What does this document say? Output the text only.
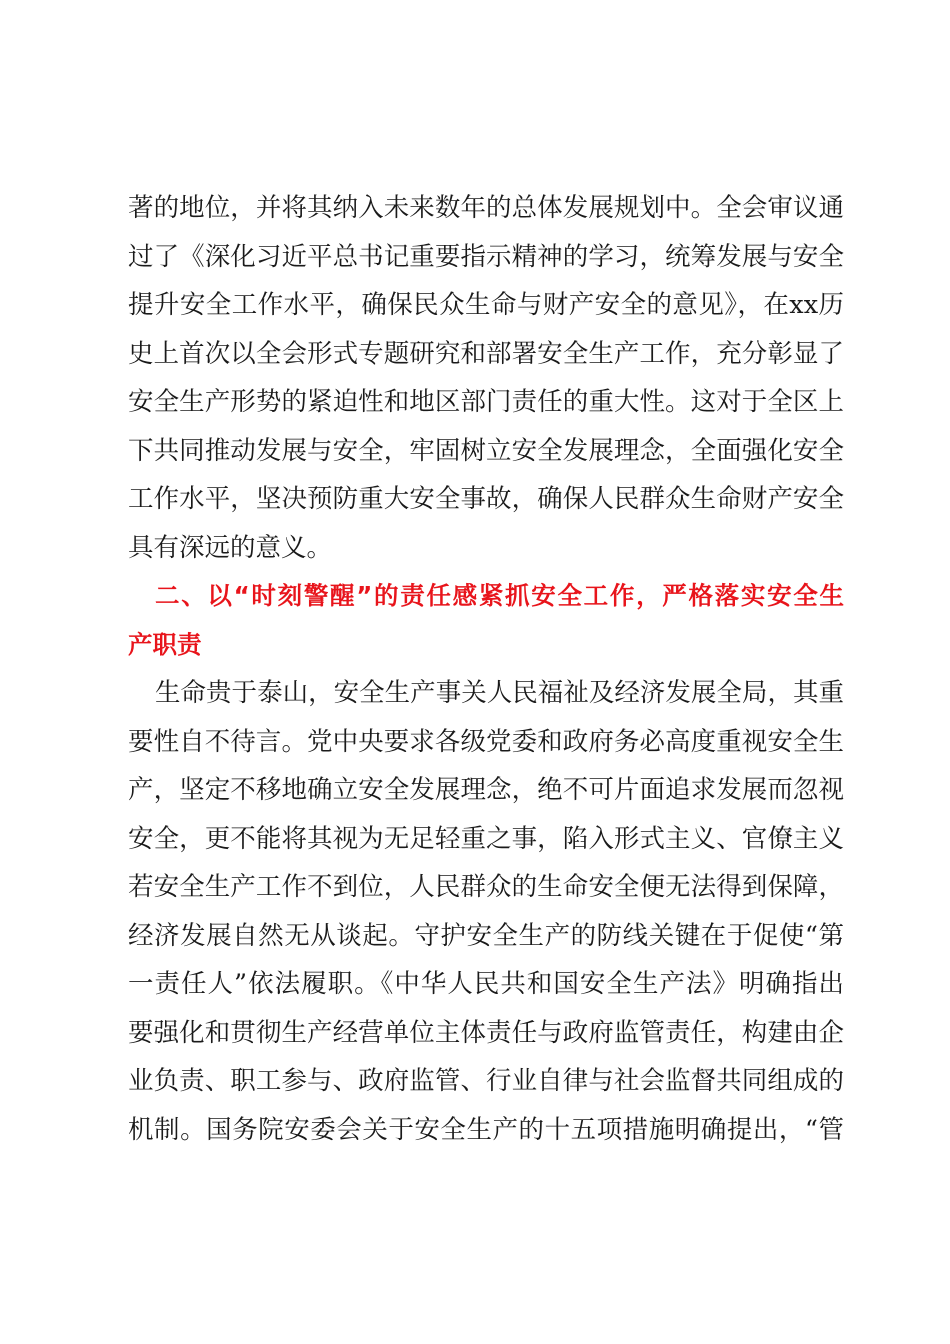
著的地位，并将其纳入未来数年的总体发展规划中。全会审议通
过了《深化习近平总书记重要指示精神的学习，统筹发展与安全
提升安全工作水平，确保民众生命与财产安全的意见》，在xx历
史上首次以全会形式专题研究和部署安全生产工作，充分彰显了
安全生产形势的紧迫性和地区部门责任的重大性。这对于全区上
下共同推动发展与安全，牢固树立安全发展理念，全面强化安全
工作水平，坚决预防重大安全事故，确保人民群众生命财产安全
具有深远的意义。
二、以“时刻警醒”的责任感紧抓安全工作，严格落实安全生
产职责
生命贵于泰山，安全生产事关人民福祉及经济发展全局，其重
要性自不待言。党中央要求各级党委和政府务必高度重视安全生
产，坚定不移地确立安全发展理念，绝不可片面追求发展而忽视
安全，更不能将其视为无足轻重之事，陷入形式主义、官僚主义
若安全生产工作不到位，人民群众的生命安全便无法得到保障，
经济发展自然无从谈起。守护安全生产的防线关键在于促使“第
一责任人”依法履职。《中华人民共和国安全生产法》明确指出
要强化和贯彻生产经营单位主体责任与政府监管责任，构建由企
业负责、职工参与、政府监管、行业自律与社会监督共同组成的
机制。国务院安委会关于安全生产的十五项措施明确提出，“管
